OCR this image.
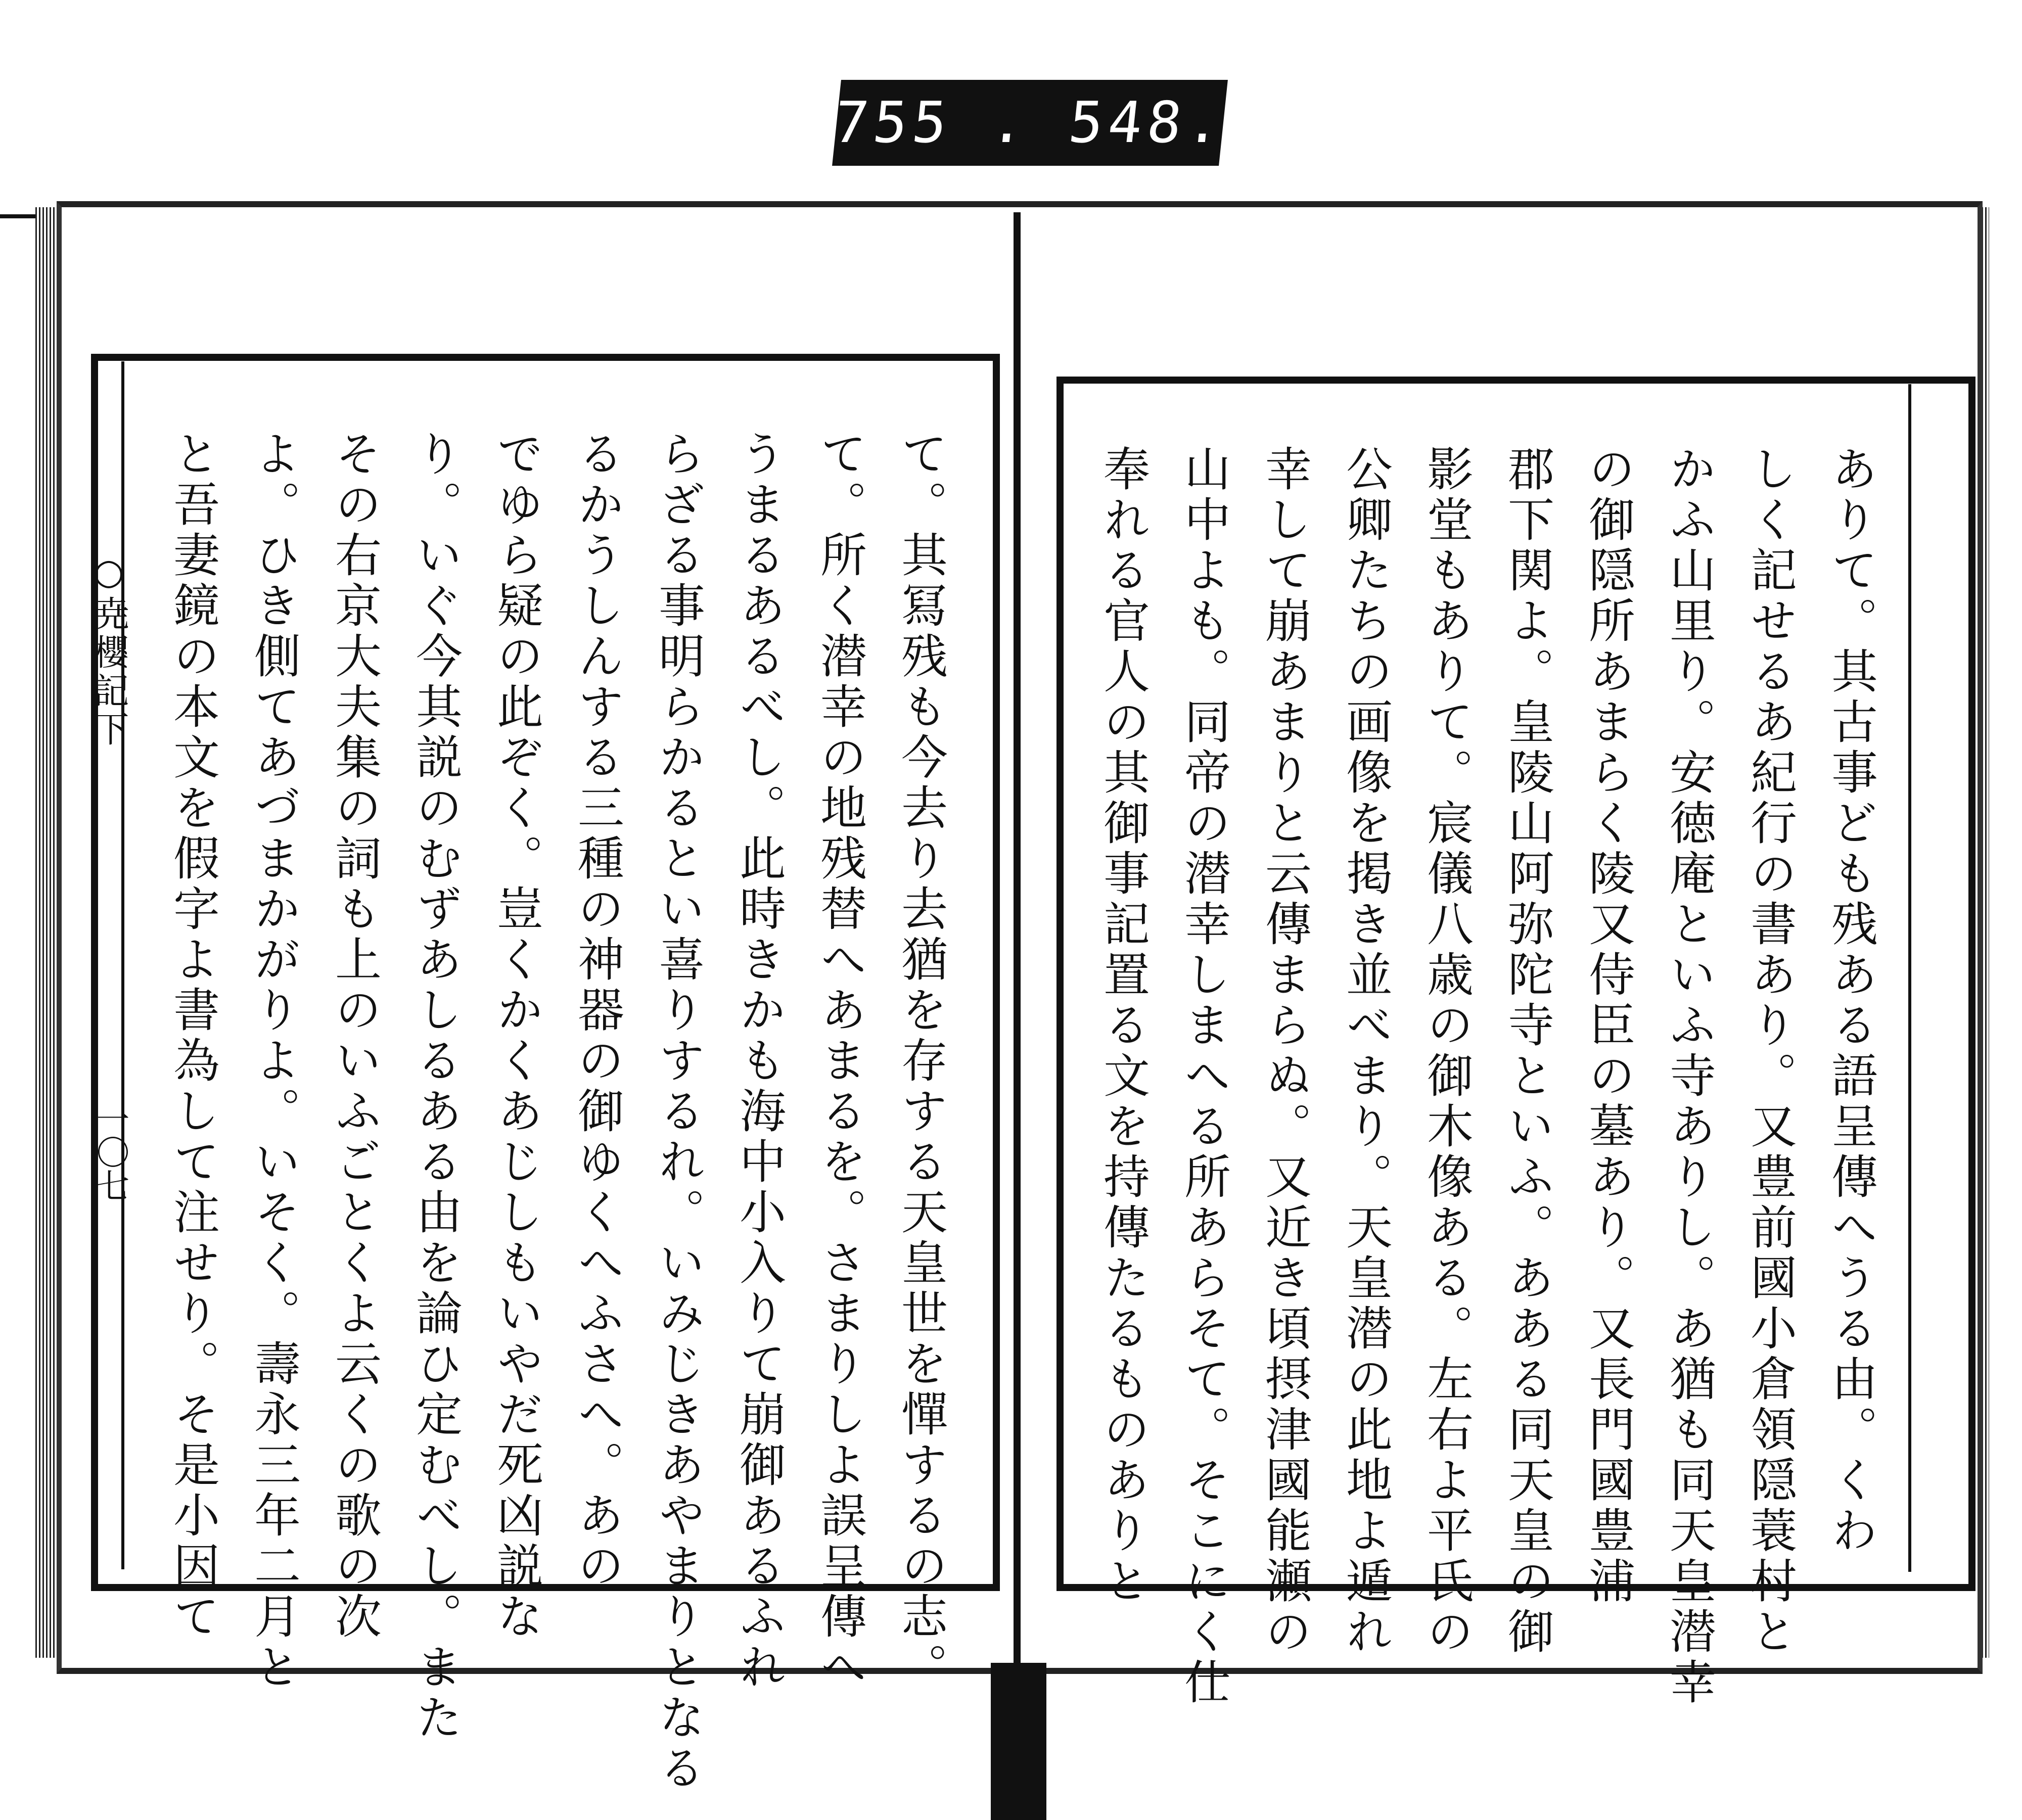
755 . 548.
○尭櫻記下
一〇七	て。其冩残も今去り去猶を存する天皇世を憚するの志。
て。所く潜幸の地残替へあまるを。さまりしよ誤呈傳へ
うまるあるべし。此時きかも海中小入りて崩御あるふれ
らざる事明らかるとい喜りするれ。いみじきあやまりとなる
るかうしんする三種の神器の御ゆくへふさへ。あの
でゆら疑の此ぞく。豈くかくあじしもいやだ死凶説な
り。いぐ今其説のむずあしるある由を論ひ定むべし。また
その右京大夫集の詞も上のいふごとくよ云くの歌の次
よ。ひき側てあづまかがりよ。いそく。壽永三年二月と
と吾妻鏡の本文を假字よ書為して注せり。そ是小因て	ありて。其古事ども残ある語呈傳へうる由。くわ
しく記せるあ紀行の書あり。又豊前國小倉領隠蓑村と
かふ山里り。安徳庵といふ寺ありし。あ猶も同天皇潜幸
の御隠所あまらく陵又侍臣の墓あり。又長門國豊浦
郡下関よ。皇陵山阿弥陀寺といふ。あある同天皇の御
影堂もありて。宸儀八歳の御木像ある。左右よ平氏の
公卿たちの画像を掲き並べまり。天皇潜の此地よ遁れ
幸して崩あまりと云傳まらぬ。又近き頃摂津國能瀬の
山中よも。同帝の潜幸しまへる所あらそて。そこにく仕
奉れる官人の其御事記置る文を持傳たるものありと
